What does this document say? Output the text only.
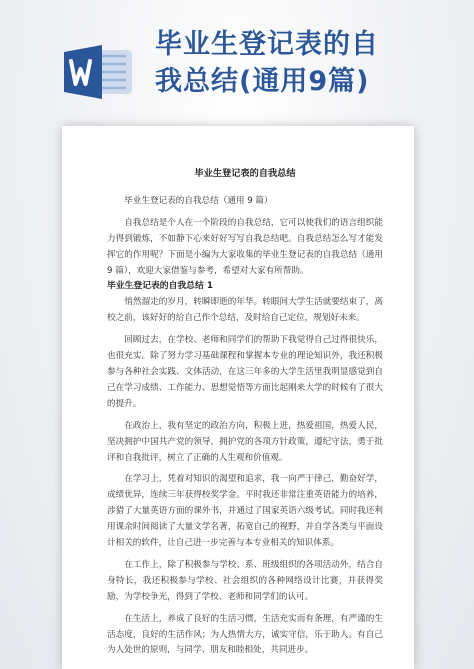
毕业生登记表的自
我总结(通用9篇)
毕业生登记表的自我总结

毕业生登记表的自我总结（通用 9 篇）

自我总结是个人在一个阶段的自我总结，它可以使我们的语言组织能力得到锻炼，不如静下心来好好写写自我总结吧。自我总结怎么写才能发挥它的作用呢？下面是小编为大家收集的毕业生登记表的自我总结（通用 9 篇），欢迎大家借鉴与参考，希望对大家有所帮助。

毕业生登记表的自我总结 1

悄然溜走的岁月，转瞬即逝的年华。转眼间大学生活就要结束了，离校之前，该好好的给自己作个总结，及时给自己定位，规划好未来。

回顾过去，在学校、老师和同学们的帮助下我觉得自己过得很快乐，也很充实。除了努力学习基础课程和掌握本专业的理论知识外，我还积极参与各种社会实践、文体活动，在这三年多的大学生活里我明显感觉到自己在学习成绩、工作能力、思想觉悟等方面比起刚来大学的时候有了很大的提升。

在政治上，我有坚定的政治方向，积极上进，热爱祖国，热爱人民，坚决拥护中国共产党的领导，拥护党的各项方针政策，遵纪守法，勇于批评和自我批评，树立了正确的人生观和价值观。

在学习上，凭着对知识的渴望和追求，我一向严于律己，勤奋好学，成绩优异，连续三年获得校奖学金。平时我还非常注重英语能力的培养，涉猎了大量英语方面的课外书，并通过了国家英语六级考试。同时我还利用课余时间阅读了大量文学名著，拓宽自己的视野，并自学各类与平面设计相关的软件，让自己进一步完善与本专业相关的知识体系。

在工作上，除了积极参与学校、系、班级组织的各项活动外，结合自身特长，我还积极参与学校、社会组织的各种网络设计比赛，并获得奖励，为学校争光，得到了学校、老师和同学们的认可。

在生活上，养成了良好的生活习惯，生活充实而有条理，有严谨的生活态度，良好的生活作风；为人热情大方，诚实守信，乐于助人。有自己为人处世的原则，与同学、朋友和睦相处，共同进步。
